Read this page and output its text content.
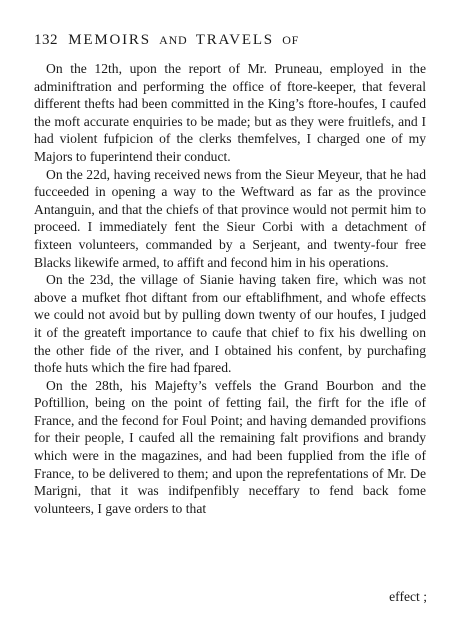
132 MEMOIRS AND TRAVELS OF

On the 12th, upon the report of Mr. Pruneau, employed in the adminiftration and performing the office of ftore-keeper, that feveral different thefts had been committed in the King’s ftore-houfes, I caufed the moft accurate enquiries to be made; but as they were fruitlefs, and I had violent fufpicion of the clerks themfelves, I charged one of my Majors to fuperintend their conduct.

On the 22d, having received news from the Sieur Meyeur, that he had fucceeded in opening a way to the Weftward as far as the province Antanguin, and that the chiefs of that province would not permit him to proceed. I immediately fent the Sieur Corbi with a detachment of fixteen volunteers, commanded by a Serjeant, and twenty-four free Blacks likewife armed, to affift and fecond him in his operations.

On the 23d, the village of Sianie having taken fire, which was not above a mufket fhot diftant from our eftablifhment, and whofe effects we could not avoid but by pulling down twenty of our houfes, I judged it of the greateft importance to caufe that chief to fix his dwelling on the other fide of the river, and I obtained his confent, by purchafing thofe huts which the fire had fpared.

On the 28th, his Majefty’s veffels the Grand Bourbon and the Poftillion, being on the point of fetting fail, the firft for the ifle of France, and the fecond for Foul Point; and having demanded provifions for their people, I caufed all the remaining falt provifions and brandy which were in the magazines, and had been fupplied from the ifle of France, to be delivered to them; and upon the reprefentations of Mr. De Marigni, that it was indifpenfibly neceffary to fend back fome volunteers, I gave orders to that

effect ;
